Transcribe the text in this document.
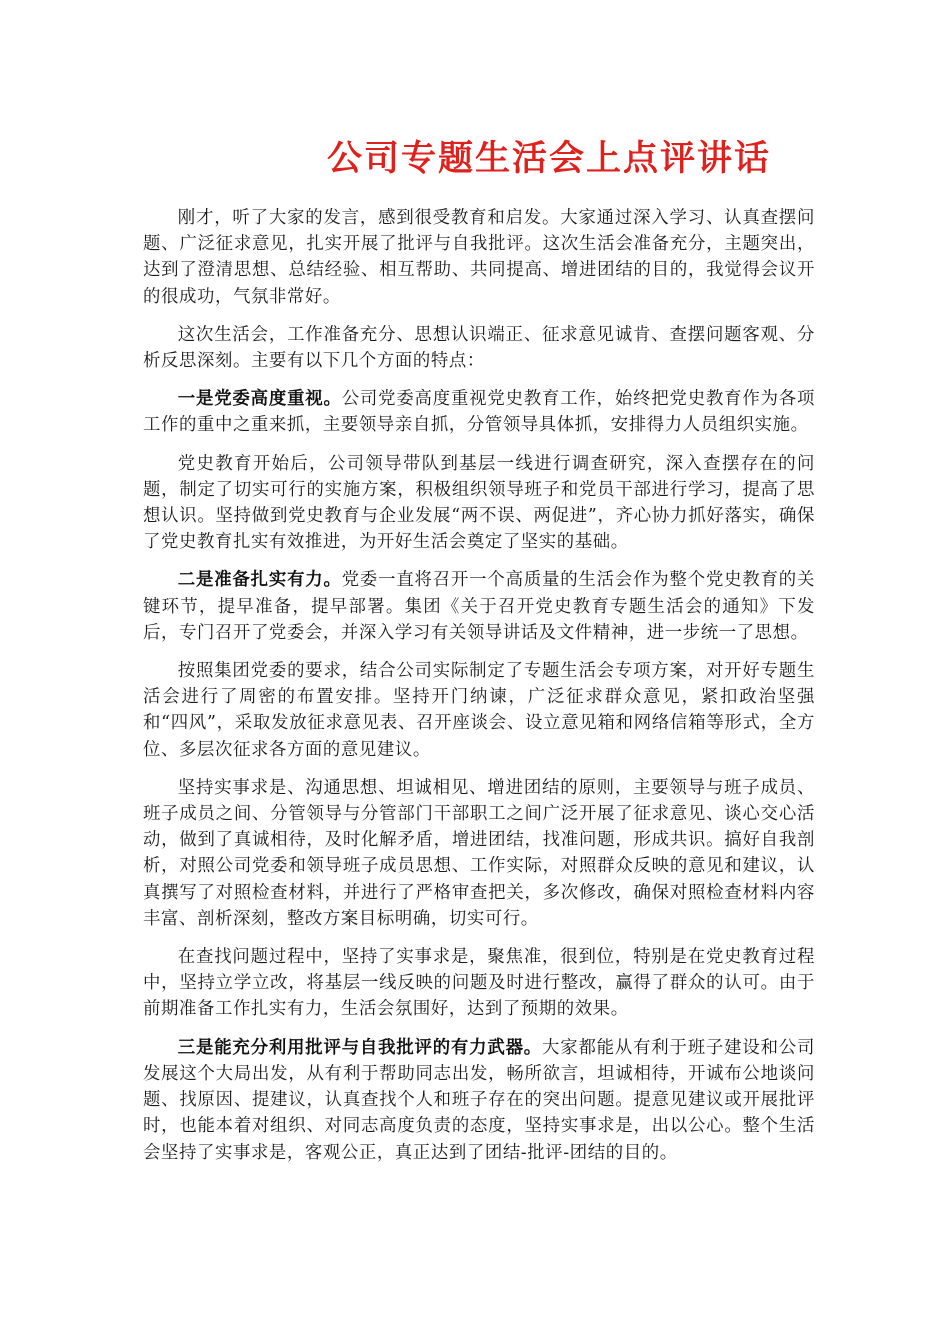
公司专题生活会上点评讲话

刚才，听了大家的发言，感到很受教育和启发。大家通过深入学习、认真查摆问题、广泛征求意见，扎实开展了批评与自我批评。这次生活会准备充分，主题突出，达到了澄清思想、总结经验、相互帮助、共同提高、增进团结的目的，我觉得会议开的很成功，气氛非常好。

这次生活会，工作准备充分、思想认识端正、征求意见诚肯、查摆问题客观、分析反思深刻。主要有以下几个方面的特点：

一是党委高度重视。公司党委高度重视党史教育工作，始终把党史教育作为各项工作的重中之重来抓，主要领导亲自抓，分管领导具体抓，安排得力人员组织实施。

党史教育开始后，公司领导带队到基层一线进行调查研究，深入查摆存在的问题，制定了切实可行的实施方案，积极组织领导班子和党员干部进行学习，提高了思想认识。坚持做到党史教育与企业发展“两不误、两促进”，齐心协力抓好落实，确保了党史教育扎实有效推进，为开好生活会奠定了坚实的基础。

二是准备扎实有力。党委一直将召开一个高质量的生活会作为整个党史教育的关键环节，提早准备，提早部署。集团《关于召开党史教育专题生活会的通知》下发后，专门召开了党委会，并深入学习有关领导讲话及文件精神，进一步统一了思想。

按照集团党委的要求，结合公司实际制定了专题生活会专项方案，对开好专题生活会进行了周密的布置安排。坚持开门纳谏，广泛征求群众意见，紧扣政治坚强和“四风”，采取发放征求意见表、召开座谈会、设立意见箱和网络信箱等形式，全方位、多层次征求各方面的意见建议。

坚持实事求是、沟通思想、坦诚相见、增进团结的原则，主要领导与班子成员、班子成员之间、分管领导与分管部门干部职工之间广泛开展了征求意见、谈心交心活动，做到了真诚相待，及时化解矛盾，增进团结，找准问题，形成共识。搞好自我剖析，对照公司党委和领导班子成员思想、工作实际，对照群众反映的意见和建议，认真撰写了对照检查材料，并进行了严格审查把关，多次修改，确保对照检查材料内容丰富、剖析深刻，整改方案目标明确，切实可行。

在查找问题过程中，坚持了实事求是，聚焦准，很到位，特别是在党史教育过程中，坚持立学立改，将基层一线反映的问题及时进行整改，赢得了群众的认可。由于前期准备工作扎实有力，生活会氛围好，达到了预期的效果。

三是能充分利用批评与自我批评的有力武器。大家都能从有利于班子建设和公司发展这个大局出发，从有利于帮助同志出发，畅所欲言，坦诚相待，开诚布公地谈问题、找原因、提建议，认真查找个人和班子存在的突出问题。提意见建议或开展批评时，也能本着对组织、对同志高度负责的态度，坚持实事求是，出以公心。整个生活会坚持了实事求是，客观公正，真正达到了团结-批评-团结的目的。
